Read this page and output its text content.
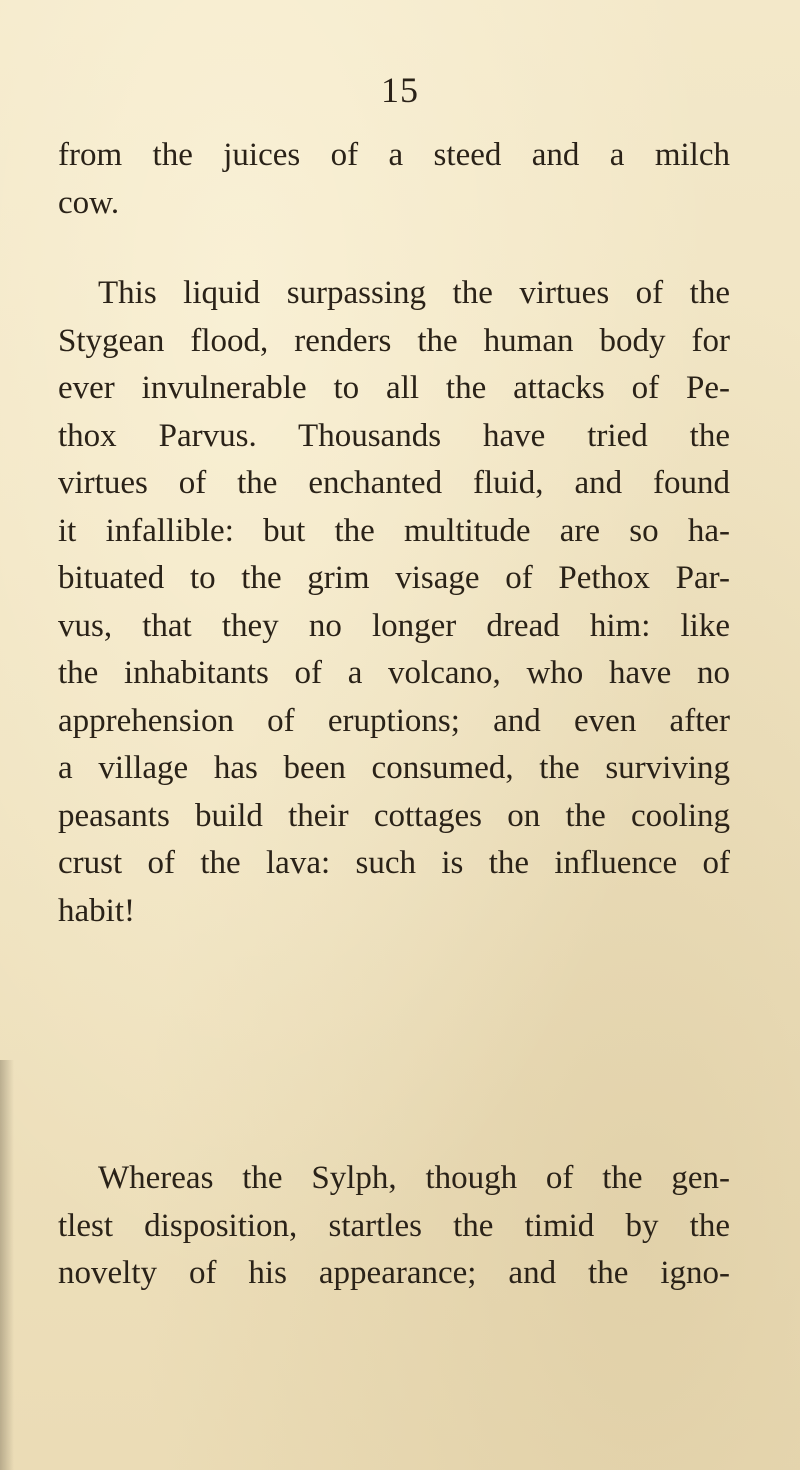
15
from the juices of a steed and a milch
cow.
This liquid surpassing the virtues of the
Stygean flood, renders the human body for
ever invulnerable to all the attacks of Pe-
thox Parvus. Thousands have tried the
virtues of the enchanted fluid, and found
it infallible: but the multitude are so ha-
bituated to the grim visage of Pethox Par-
vus, that they no longer dread him: like
the inhabitants of a volcano, who have no
apprehension of eruptions; and even after
a village has been consumed, the surviving
peasants build their cottages on the cooling
crust of the lava: such is the influence of
habit!
Whereas the Sylph, though of the gen-
tlest disposition, startles the timid by the
novelty of his appearance; and the igno-
